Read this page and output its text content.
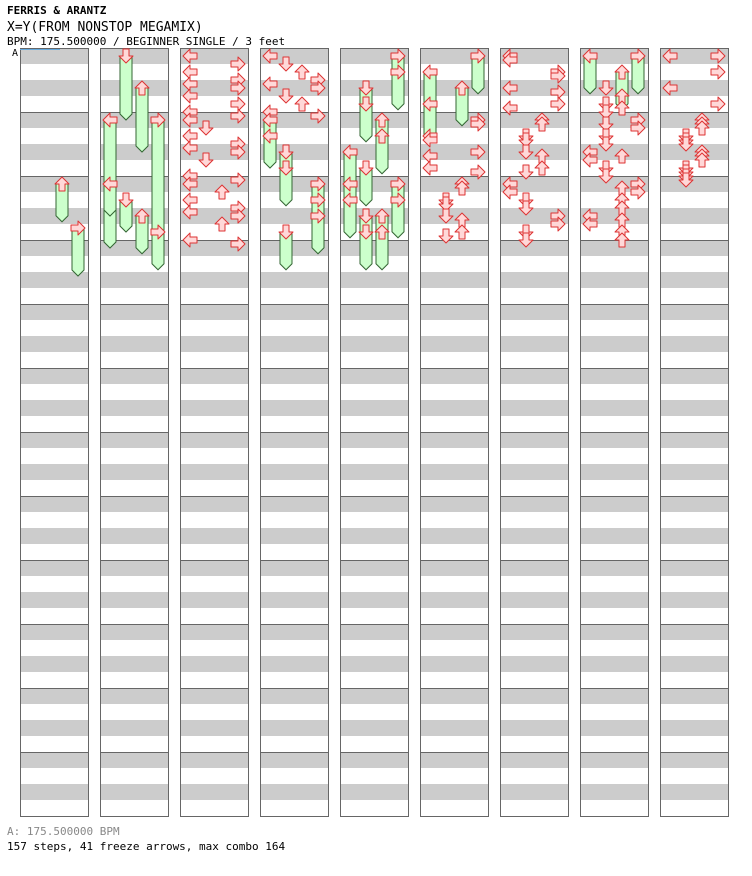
FERRIS & ARANTZ
X=Y(FROM NONSTOP MEGAMIX)
BPM: 175.500000 / BEGINNER SINGLE / 3 feet
A
A: 175.500000 BPM
157 steps, 41 freeze arrows, max combo 164
